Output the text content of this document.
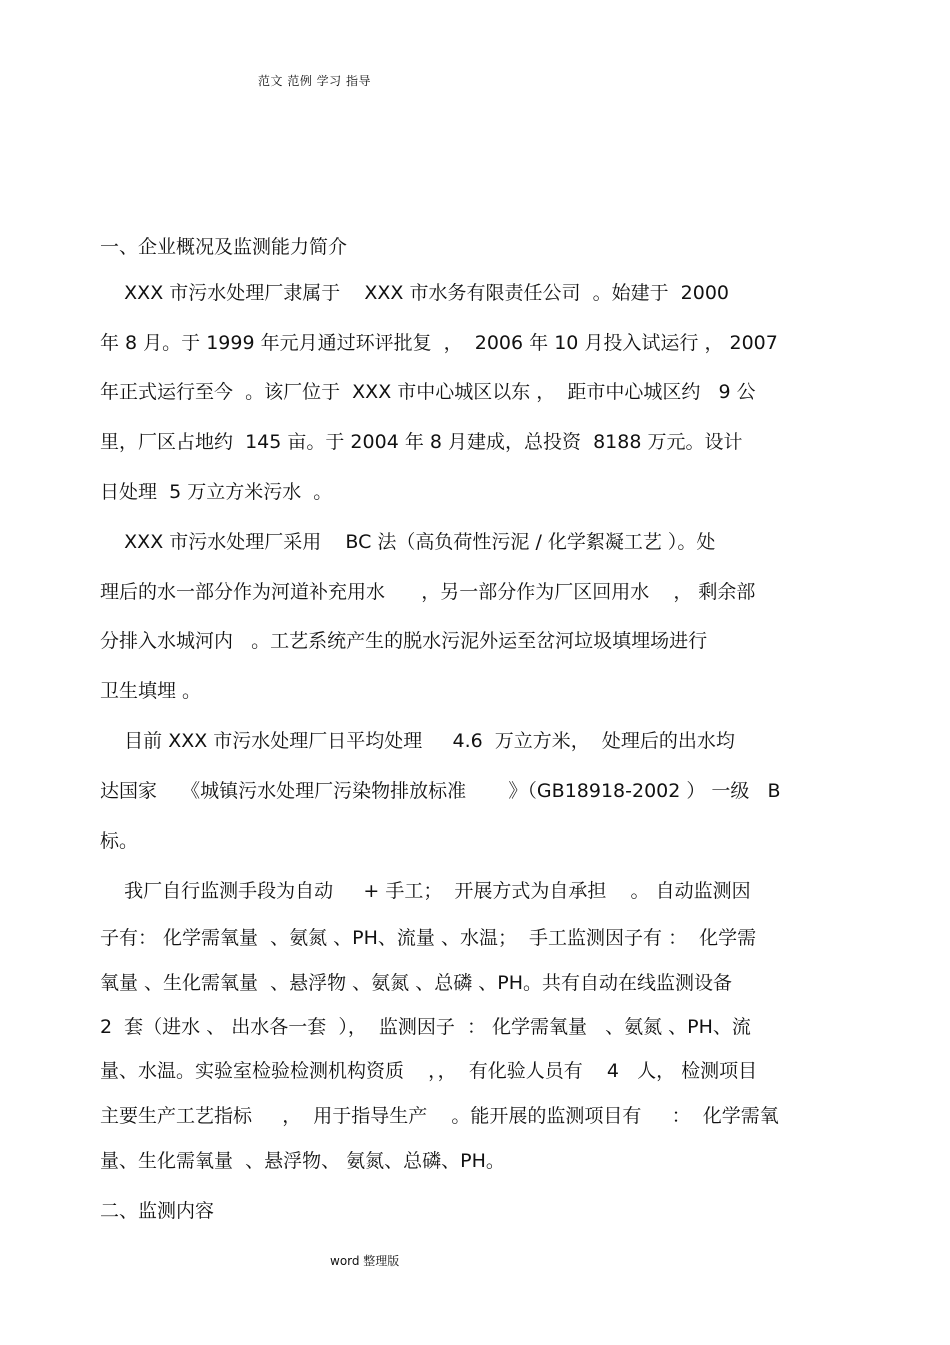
范文 范例 学习 指导
一、企业概况及监测能力简介
XXX 市污水处理厂隶属于    XXX 市水务有限责任公司  。始建于  2000
年 8 月。于 1999 年元月通过环评批复  ，  2006 年 10 月投入试运行 ， 2007
年正式运行至今  。该厂位于  XXX 市中心城区以东 ，  距市中心城区约   9 公
里，厂区占地约  145 亩。于 2004 年 8 月建成，总投资  8188 万元。设计
日处理  5 万立方米污水  。
XXX 市污水处理厂采用    BC 法（高负荷性污泥 / 化学絮凝工艺 ）。处
理后的水一部分作为河道补充用水      ，另一部分作为厂区回用水    ， 剩余部
分排入水城河内   。工艺系统产生的脱水污泥外运至岔河垃圾填埋场进行
卫生填埋 。
目前 XXX 市污水处理厂日平均处理     4.6  万立方米，  处理后的出水均
达国家    《城镇污水处理厂污染物排放标准       》（GB18918-2002 ） 一级   B
标。
我厂自行监测手段为自动     + 手工；  开展方式为自承担    。 自动监测因
子有： 化学需氧量  、氨氮 、PH、流量 、水温；  手工监测因子有 ：  化学需
氧量 、生化需氧量  、悬浮物 、氨氮 、总磷 、PH。共有自动在线监测设备
2  套（进水 、 出水各一套  ），  监测因子  ： 化学需氧量   、氨氮 、PH、流
量、水温。实验室检验检测机构资质    ，，  有化验人员有    4   人， 检测项目
主要生产工艺指标     ，  用于指导生产    。能开展的监测项目有     ：  化学需氧
量、生化需氧量  、悬浮物、 氨氮、总磷、PH。
二、监测内容
word 整理版
